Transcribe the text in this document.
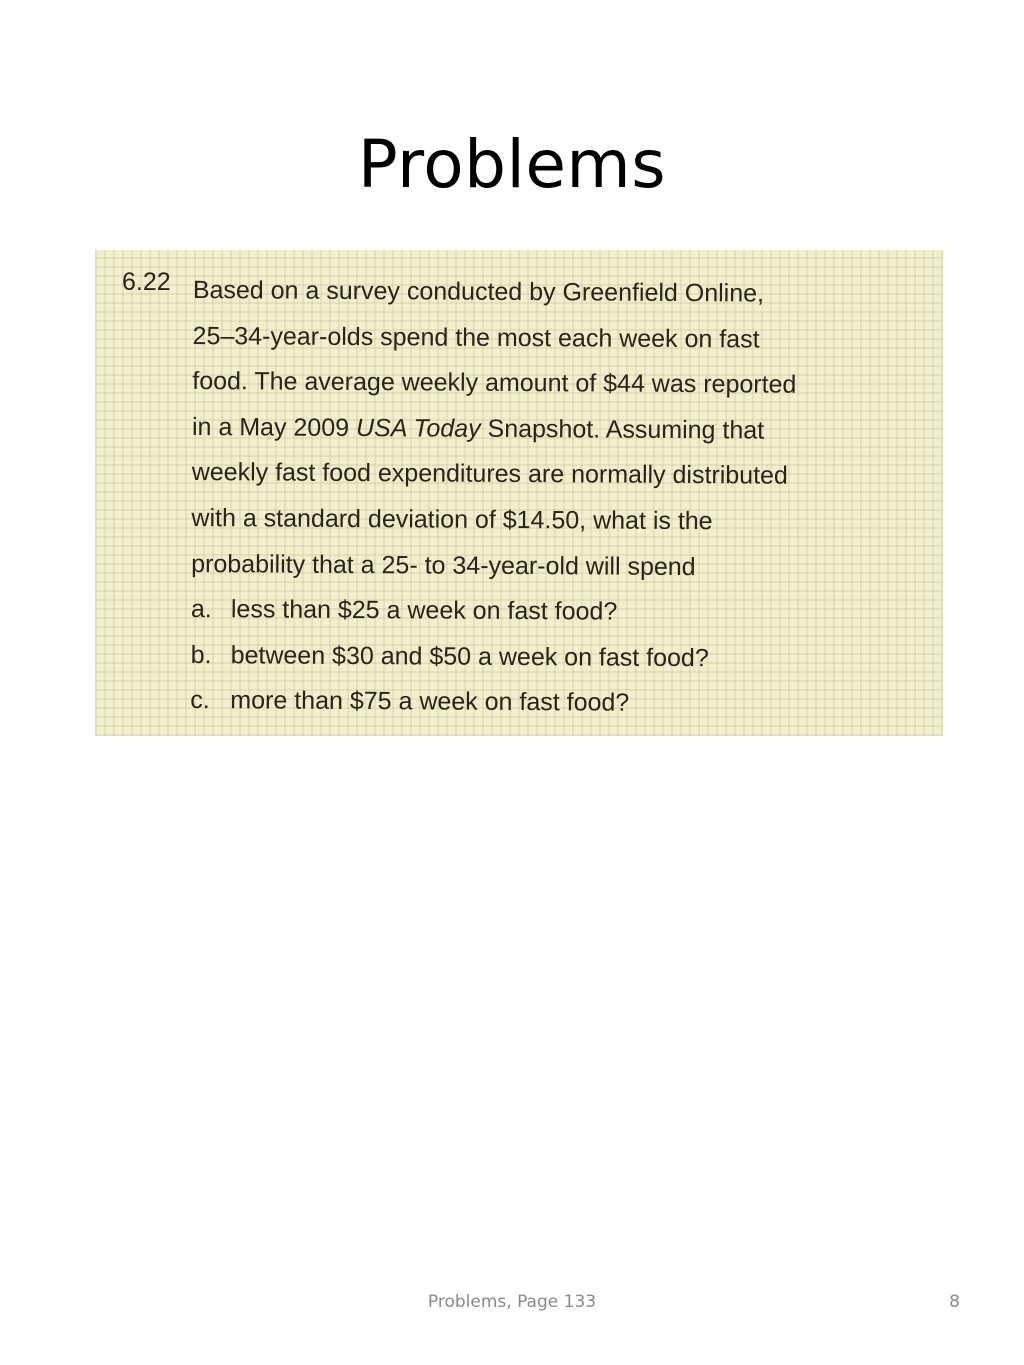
Problems
6.22 Based on a survey conducted by Greenfield Online,
25–34-year-olds spend the most each week on fast
food. The average weekly amount of $44 was reported
in a May 2009 USA Today Snapshot. Assuming that
weekly fast food expenditures are normally distributed
with a standard deviation of $14.50, what is the
probability that a 25- to 34-year-old will spend
a. less than $25 a week on fast food?
b. between $30 and $50 a week on fast food?
c. more than $75 a week on fast food?
Problems, Page 133	8
